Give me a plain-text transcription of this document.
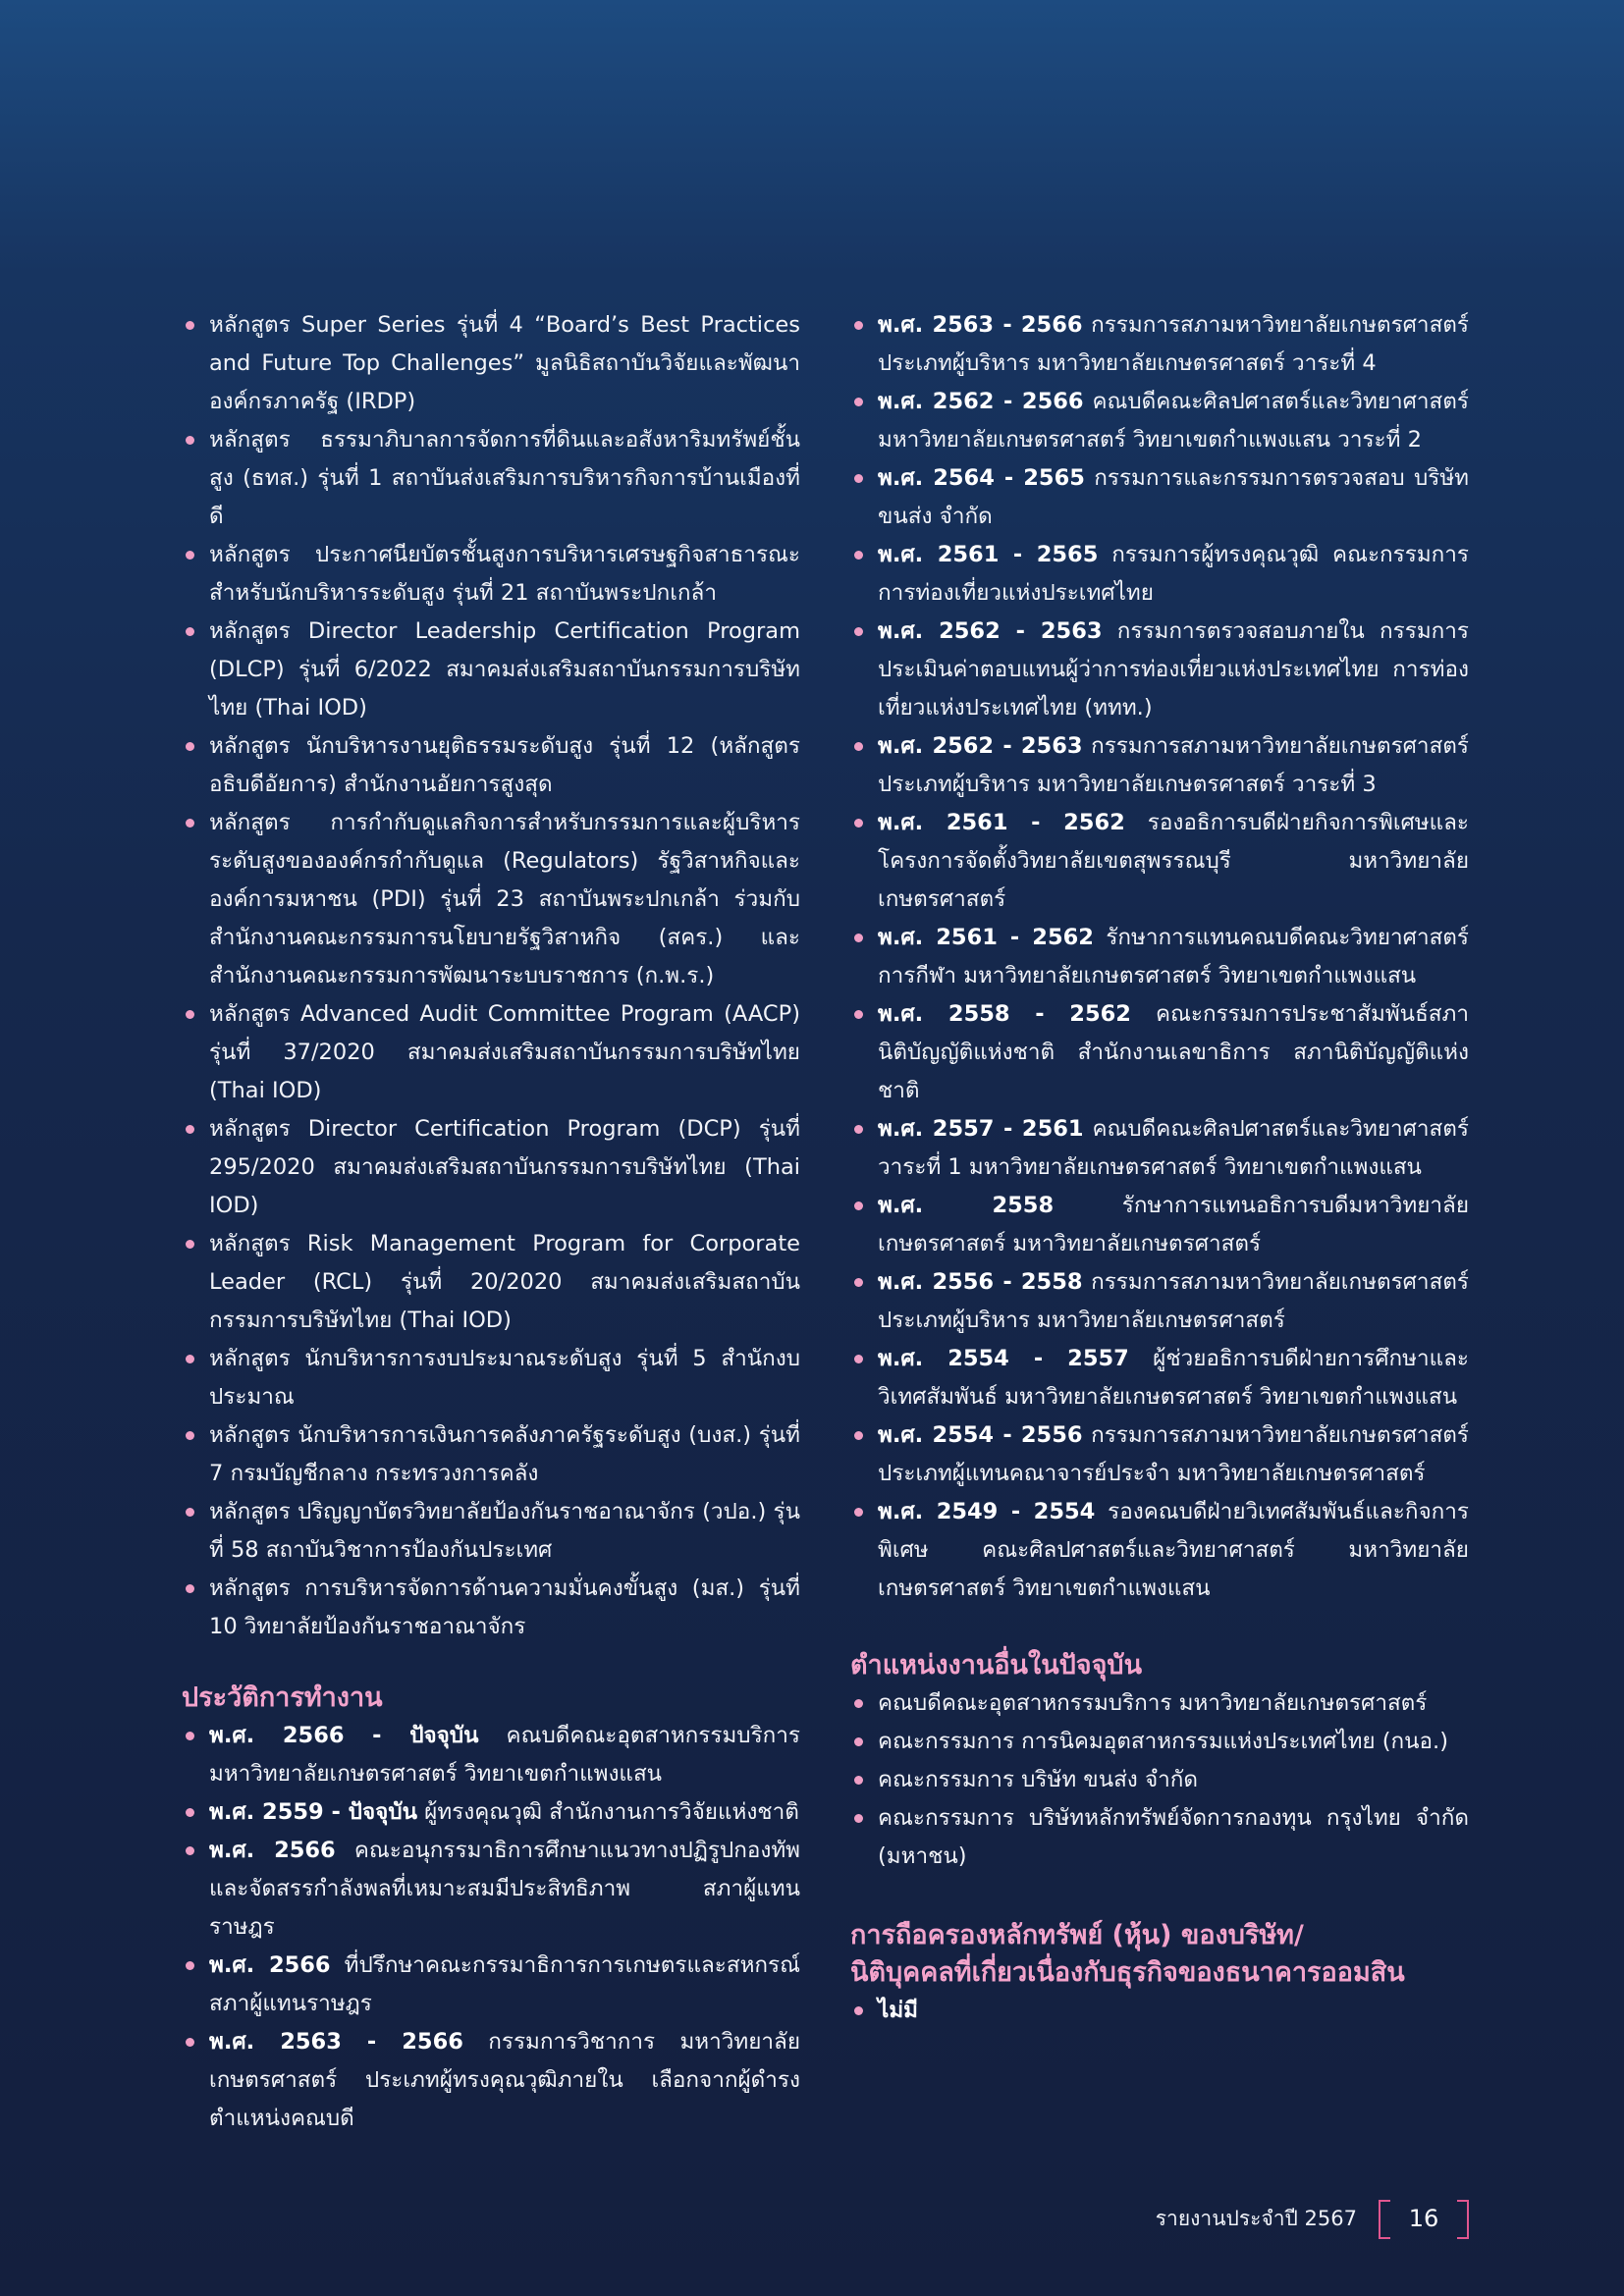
หลักสูตร Super Series รุ่นที่ 4 “Board’s Best Practices and Future Top Challenges” มูลนิธิสถาบันวิจัยและพัฒนาองค์กรภาครัฐ (IRDP)
หลักสูตร ธรรมาภิบาลการจัดการที่ดินและอสังหาริมทรัพย์ชั้นสูง (ธทส.) รุ่นที่ 1 สถาบันส่งเสริมการบริหารกิจการบ้านเมืองที่ดี
หลักสูตร ประกาศนียบัตรชั้นสูงการบริหารเศรษฐกิจสาธารณะสำหรับนักบริหารระดับสูง รุ่นที่ 21 สถาบันพระปกเกล้า
หลักสูตร Director Leadership Certification Program (DLCP) รุ่นที่ 6/2022 สมาคมส่งเสริมสถาบันกรรมการบริษัทไทย (Thai IOD)
หลักสูตร นักบริหารงานยุติธรรมระดับสูง รุ่นที่ 12 (หลักสูตรอธิบดีอัยการ) สำนักงานอัยการสูงสุด
หลักสูตร การกำกับดูแลกิจการสำหรับกรรมการและผู้บริหารระดับสูงขององค์กรกำกับดูแล (Regulators) รัฐวิสาหกิจและองค์การมหาชน (PDI) รุ่นที่ 23 สถาบันพระปกเกล้า ร่วมกับสำนักงานคณะกรรมการนโยบายรัฐวิสาหกิจ (สคร.) และสำนักงานคณะกรรมการพัฒนาระบบราชการ (ก.พ.ร.)
หลักสูตร Advanced Audit Committee Program (AACP) รุ่นที่ 37/2020 สมาคมส่งเสริมสถาบันกรรมการบริษัทไทย (Thai IOD)
หลักสูตร Director Certification Program (DCP) รุ่นที่ 295/2020 สมาคมส่งเสริมสถาบันกรรมการบริษัทไทย (Thai IOD)
หลักสูตร Risk Management Program for Corporate Leader (RCL) รุ่นที่ 20/2020 สมาคมส่งเสริมสถาบันกรรมการบริษัทไทย (Thai IOD)
หลักสูตร นักบริหารการงบประมาณระดับสูง รุ่นที่ 5 สำนักงบประมาณ
หลักสูตร นักบริหารการเงินการคลังภาครัฐระดับสูง (บงส.) รุ่นที่ 7 กรมบัญชีกลาง กระทรวงการคลัง
หลักสูตร ปริญญาบัตรวิทยาลัยป้องกันราชอาณาจักร (วปอ.) รุ่นที่ 58 สถาบันวิชาการป้องกันประเทศ
หลักสูตร การบริหารจัดการด้านความมั่นคงขั้นสูง (มส.) รุ่นที่ 10 วิทยาลัยป้องกันราชอาณาจักร
ประวัติการทำงาน
พ.ศ. 2566 - ปัจจุบัน คณบดีคณะอุตสาหกรรมบริการ มหาวิทยาลัยเกษตรศาสตร์ วิทยาเขตกำแพงแสน
พ.ศ. 2559 - ปัจจุบัน ผู้ทรงคุณวุฒิ สำนักงานการวิจัยแห่งชาติ
พ.ศ. 2566 คณะอนุกรรมาธิการศึกษาแนวทางปฏิรูปกองทัพและจัดสรรกำลังพลที่เหมาะสมมีประสิทธิภาพ สภาผู้แทนราษฎร
พ.ศ. 2566 ที่ปรึกษาคณะกรรมาธิการการเกษตรและสหกรณ์ สภาผู้แทนราษฎร
พ.ศ. 2563 - 2566 กรรมการวิชาการ มหาวิทยาลัยเกษตรศาสตร์ ประเภทผู้ทรงคุณวุฒิภายใน เลือกจากผู้ดำรงตำแหน่งคณบดี
พ.ศ. 2563 - 2566 กรรมการสภามหาวิทยาลัยเกษตรศาสตร์ ประเภทผู้บริหาร มหาวิทยาลัยเกษตรศาสตร์ วาระที่ 4
พ.ศ. 2562 - 2566 คณบดีคณะศิลปศาสตร์และวิทยาศาสตร์ มหาวิทยาลัยเกษตรศาสตร์ วิทยาเขตกำแพงแสน วาระที่ 2
พ.ศ. 2564 - 2565 กรรมการและกรรมการตรวจสอบ บริษัท ขนส่ง จำกัด
พ.ศ. 2561 - 2565 กรรมการผู้ทรงคุณวุฒิ คณะกรรมการการท่องเที่ยวแห่งประเทศไทย
พ.ศ. 2562 - 2563 กรรมการตรวจสอบภายใน กรรมการประเมินค่าตอบแทนผู้ว่าการท่องเที่ยวแห่งประเทศไทย การท่องเที่ยวแห่งประเทศไทย (ททท.)
พ.ศ. 2562 - 2563 กรรมการสภามหาวิทยาลัยเกษตรศาสตร์ ประเภทผู้บริหาร มหาวิทยาลัยเกษตรศาสตร์ วาระที่ 3
พ.ศ. 2561 - 2562 รองอธิการบดีฝ่ายกิจการพิเศษและโครงการจัดตั้งวิทยาลัยเขตสุพรรณบุรี มหาวิทยาลัยเกษตรศาสตร์
พ.ศ. 2561 - 2562 รักษาการแทนคณบดีคณะวิทยาศาสตร์การกีฬา มหาวิทยาลัยเกษตรศาสตร์ วิทยาเขตกำแพงแสน
พ.ศ. 2558 - 2562 คณะกรรมการประชาสัมพันธ์สภานิติบัญญัติแห่งชาติ สำนักงานเลขาธิการ สภานิติบัญญัติแห่งชาติ
พ.ศ. 2557 - 2561 คณบดีคณะศิลปศาสตร์และวิทยาศาสตร์ วาระที่ 1 มหาวิทยาลัยเกษตรศาสตร์ วิทยาเขตกำแพงแสน
พ.ศ. 2558	รักษาการแทนอธิการบดีมหาวิทยาลัยเกษตรศาสตร์ มหาวิทยาลัยเกษตรศาสตร์
พ.ศ. 2556 - 2558 กรรมการสภามหาวิทยาลัยเกษตรศาสตร์ ประเภทผู้บริหาร มหาวิทยาลัยเกษตรศาสตร์
พ.ศ. 2554 - 2557 ผู้ช่วยอธิการบดีฝ่ายการศึกษาและวิเทศสัมพันธ์ มหาวิทยาลัยเกษตรศาสตร์ วิทยาเขตกำแพงแสน
พ.ศ. 2554 - 2556 กรรมการสภามหาวิทยาลัยเกษตรศาสตร์ ประเภทผู้แทนคณาจารย์ประจำ มหาวิทยาลัยเกษตรศาสตร์
พ.ศ. 2549 - 2554 รองคณบดีฝ่ายวิเทศสัมพันธ์และกิจการพิเศษ คณะศิลปศาสตร์และวิทยาศาสตร์ มหาวิทยาลัยเกษตรศาสตร์ วิทยาเขตกำแพงแสน
ตำแหน่งงานอื่นในปัจจุบัน
คณบดีคณะอุตสาหกรรมบริการ มหาวิทยาลัยเกษตรศาสตร์
คณะกรรมการ การนิคมอุตสาหกรรมแห่งประเทศไทย (กนอ.)
คณะกรรมการ บริษัท ขนส่ง จำกัด
คณะกรรมการ บริษัทหลักทรัพย์จัดการกองทุน กรุงไทย จำกัด (มหาชน)
การถือครองหลักทรัพย์ (หุ้น) ของบริษัท/
นิติบุคคลที่เกี่ยวเนื่องกับธุรกิจของธนาคารออมสิน
ไม่มี
รายงานประจำปี 2567 16
